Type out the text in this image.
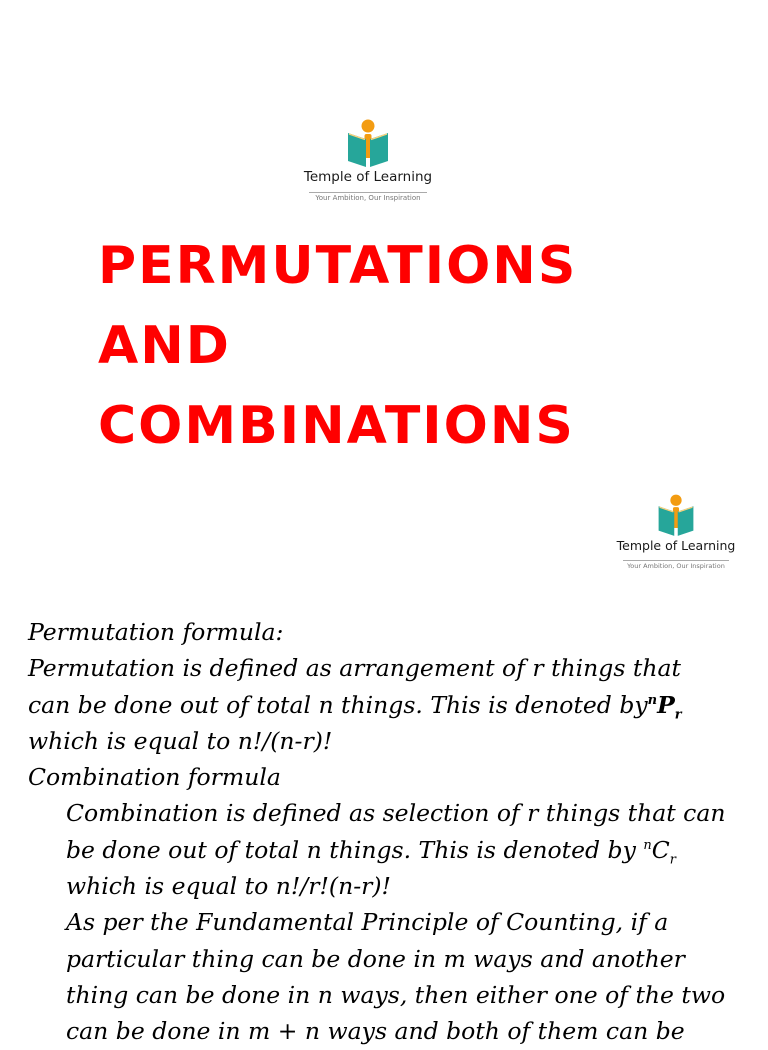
Temple of Learning
Your Ambition, Our Inspiration
PERMUTATIONS AND COMBINATIONS
Temple of Learning
Your Ambition, Our Inspiration

Permutation formula:

Permutation is defined as arrangement of r things that can be done out of total n things. This is denoted $by^nP_r$ which is equal to n!/(n-r)!

Combination formula

Combination is defined as selection of r things that can be done out of total n things. This is denoted by $^nC_r$ which is equal to n!/r!(n-r)!

As per the Fundamental Principle of Counting, if a particular thing can be done in m ways and another thing can be done in n ways, then either one of the two can be done in m + n ways and both of them can be
